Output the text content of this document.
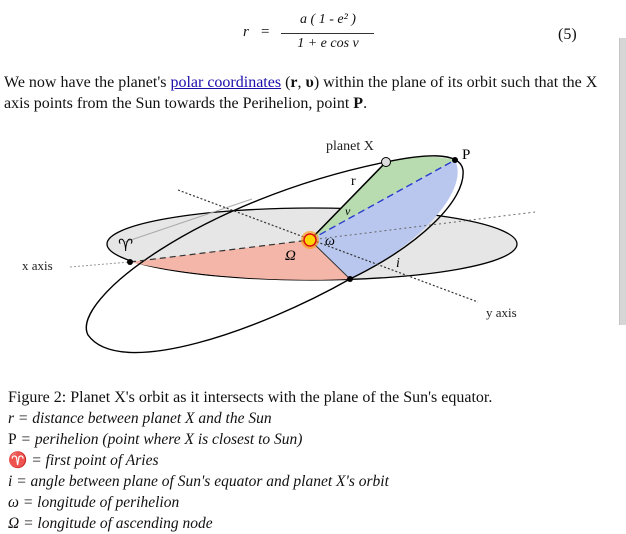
r =
a ( 1 - e² )
1 + e cos v
(5)
We now have the planet's polar coordinates (r, υ) within the plane of its orbit such that the X axis points from the Sun towards the Perihelion, point P.
planet X
P
r
v
♈	ω
Ω	i
x axis
y axis
Figure 2: Planet X's orbit as it intersects with the plane of the Sun's equator.
r = distance between planet X and the Sun
P = perihelion (point where X is closest to Sun)
♈ = first point of Aries
i = angle between plane of Sun's equator and planet X's orbit
ω = longitude of perihelion
Ω = longitude of ascending node
